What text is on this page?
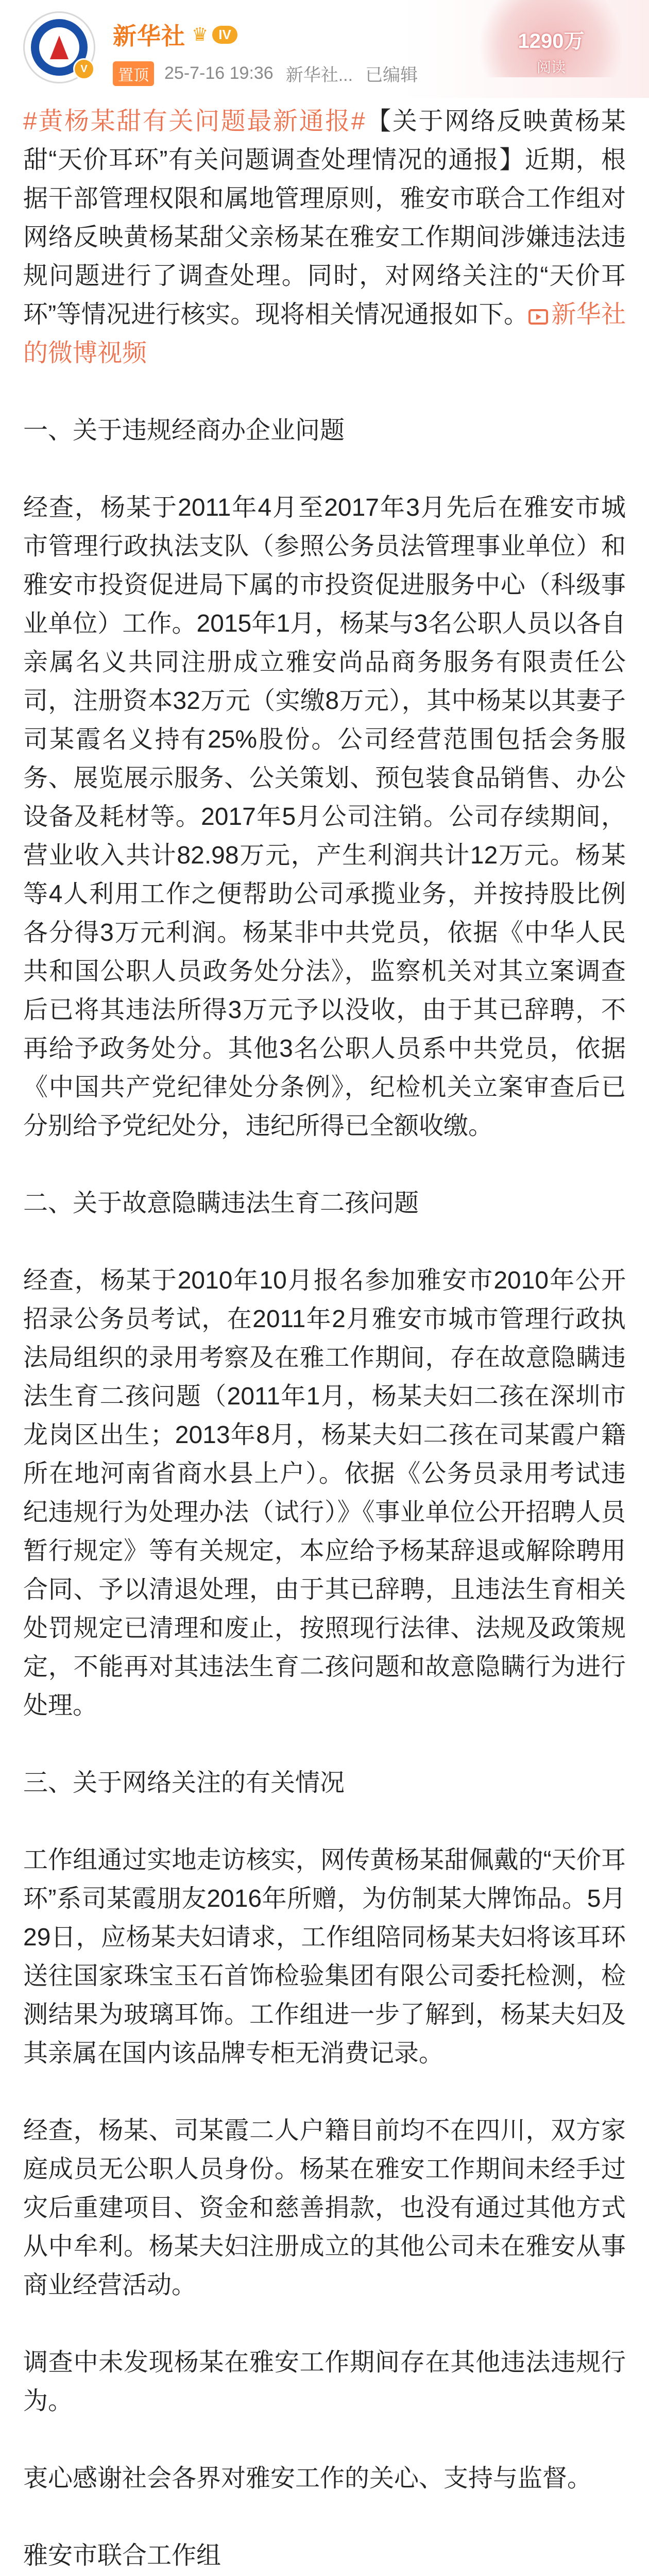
V
新华社 ♛ IV
置顶 25-7-16 19:36 新华社... 已编辑
1290万
阅读

#黄杨某甜有关问题最新通报#【关于网络反映黄杨某甜“天价耳环”有关问题调查处理情况的通报】近期，根据干部管理权限和属地管理原则，雅安市联合工作组对网络反映黄杨某甜父亲杨某在雅安工作期间涉嫌违法违规问题进行了调查处理。同时，对网络关注的“天价耳环”等情况进行核实。现将相关情况通报如下。 新华社的微博视频

一、关于违规经商办企业问题

经查，杨某于2011年4月至2017年3月先后在雅安市城市管理行政执法支队（参照公务员法管理事业单位）和雅安市投资促进局下属的市投资促进服务中心（科级事业单位）工作。2015年1月，杨某与3名公职人员以各自亲属名义共同注册成立雅安尚品商务服务有限责任公司，注册资本32万元（实缴8万元），其中杨某以其妻子司某霞名义持有25%股份。公司经营范围包括会务服务、展览展示服务、公关策划、预包装食品销售、办公设备及耗材等。2017年5月公司注销。公司存续期间，营业收入共计82.98万元，产生利润共计12万元。杨某等4人利用工作之便帮助公司承揽业务，并按持股比例各分得3万元利润。杨某非中共党员，依据《中华人民共和国公职人员政务处分法》，监察机关对其立案调查后已将其违法所得3万元予以没收，由于其已辞聘，不再给予政务处分。其他3名公职人员系中共党员，依据《中国共产党纪律处分条例》，纪检机关立案审查后已分别给予党纪处分，违纪所得已全额收缴。

二、关于故意隐瞒违法生育二孩问题

经查，杨某于2010年10月报名参加雅安市2010年公开招录公务员考试，在2011年2月雅安市城市管理行政执法局组织的录用考察及在雅工作期间，存在故意隐瞒违法生育二孩问题（2011年1月，杨某夫妇二孩在深圳市龙岗区出生；2013年8月，杨某夫妇二孩在司某霞户籍所在地河南省商水县上户）。依据《公务员录用考试违纪违规行为处理办法（试行）》《事业单位公开招聘人员暂行规定》等有关规定，本应给予杨某辞退或解除聘用合同、予以清退处理，由于其已辞聘，且违法生育相关处罚规定已清理和废止，按照现行法律、法规及政策规定，不能再对其违法生育二孩问题和故意隐瞒行为进行处理。

三、关于网络关注的有关情况

工作组通过实地走访核实，网传黄杨某甜佩戴的“天价耳环”系司某霞朋友2016年所赠，为仿制某大牌饰品。5月29日，应杨某夫妇请求，工作组陪同杨某夫妇将该耳环送往国家珠宝玉石首饰检验集团有限公司委托检测，检测结果为玻璃耳饰。工作组进一步了解到，杨某夫妇及其亲属在国内该品牌专柜无消费记录。

经查，杨某、司某霞二人户籍目前均不在四川，双方家庭成员无公职人员身份。杨某在雅安工作期间未经手过灾后重建项目、资金和慈善捐款，也没有通过其他方式从中牟利。杨某夫妇注册成立的其他公司未在雅安从事商业经营活动。

调查中未发现杨某在雅安工作期间存在其他违法违规行为。

衷心感谢社会各界对雅安工作的关心、支持与监督。

雅安市联合工作组
